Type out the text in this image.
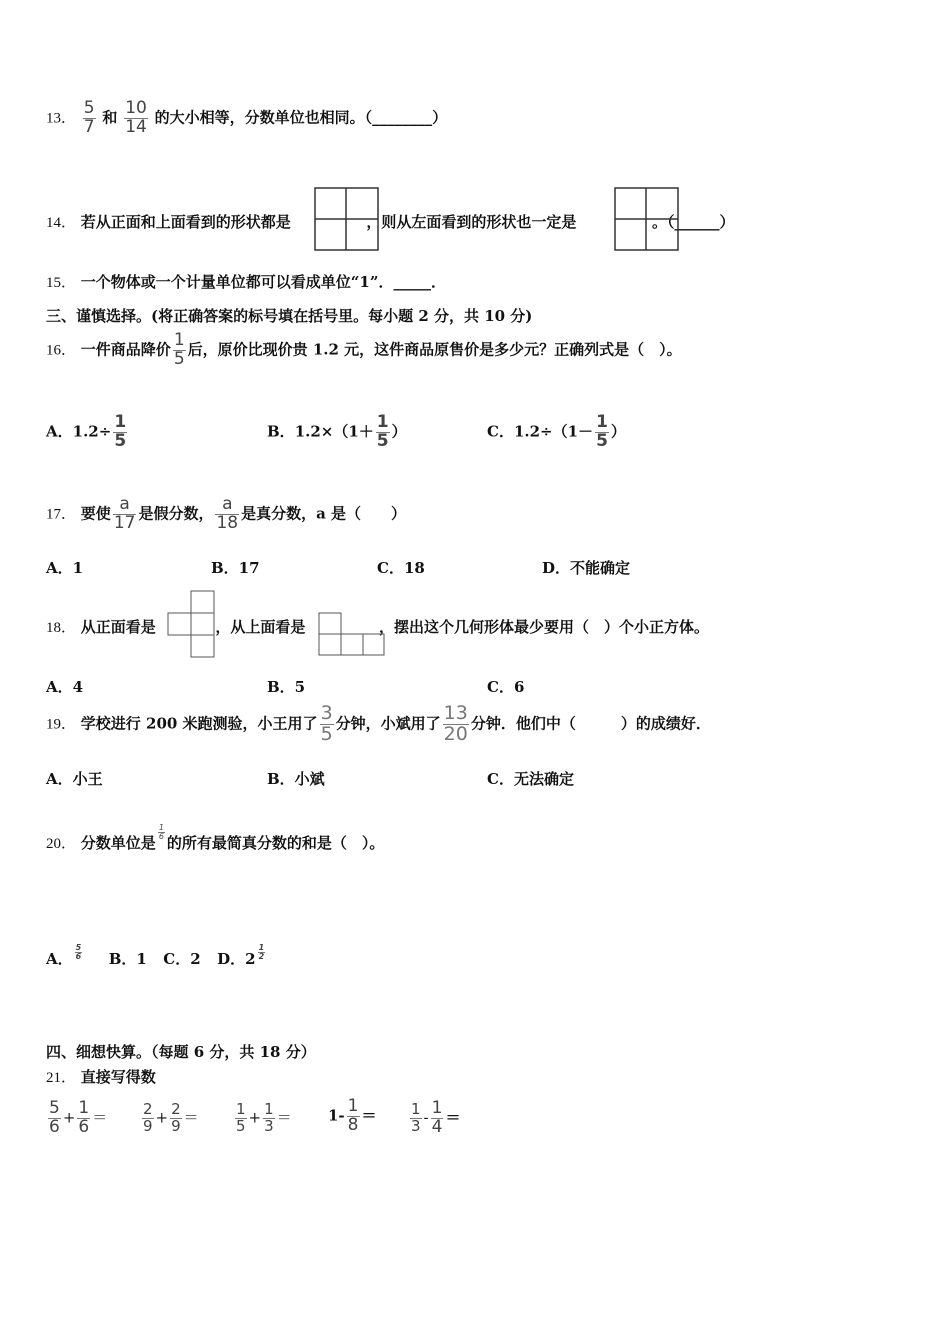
13． $\frac{5}{7}$ 和 $\frac{10}{14}$ 的大小相等，分数单位也相同。（________）
14． 若从正面和上面看到的形状都是	，则从左面看到的形状也一定是	。（______）
15． 一个物体或一个计量单位都可以看成单位“1”．_____．
三、谨慎选择。(将正确答案的标号填在括号里。每小题 2 分，共 10 分)
16． 一件商品降价 $\frac{1}{5}$ 后，原价比现价贵 1.2 元，这件商品原售价是多少元？正确列式是（　）。
A．$1.2\div \frac{1}{5}$	B．$1.2\times(1+ \frac{1}{5}$ ）	C．$1.2\div(1- \frac{1}{5}$ ）
17． 要使 $\frac{a}{17}$ 是假分数， $\frac{a}{18}$ 是真分数，a 是（　　）
A．1	B．17	C．18	D．不能确定
18． 从正面看是	，从上面看是	，摆出这个几何形体最少要用（　）个小正方体。
A．4	B．5	C．6
19． 学校进行 200 米跑测验，小王用了 $\frac{3}{5}$ 分钟，小斌用了 $\frac{13}{20}$ 分钟．他们中（　　　）的成绩好．
A．小王	B．小斌	C．无法确定
20． 分数单位是
$\frac{1}{6}$
的所有最简真分数的和是（　）。
A． $\frac{5}{6}$ B．1 C．2 D．$2 \frac{1}{2}$
四、细想快算。（每题 6 分，共 18 分）
21． 直接写得数
$\frac{5}{6} + \frac{1}{6} = \frac{2}{9} + \frac{2}{9} = \frac{1}{5} + \frac{1}{3} = 1- \frac{1}{8} = \frac{1}{3} - \frac{1}{4}$ ＝
